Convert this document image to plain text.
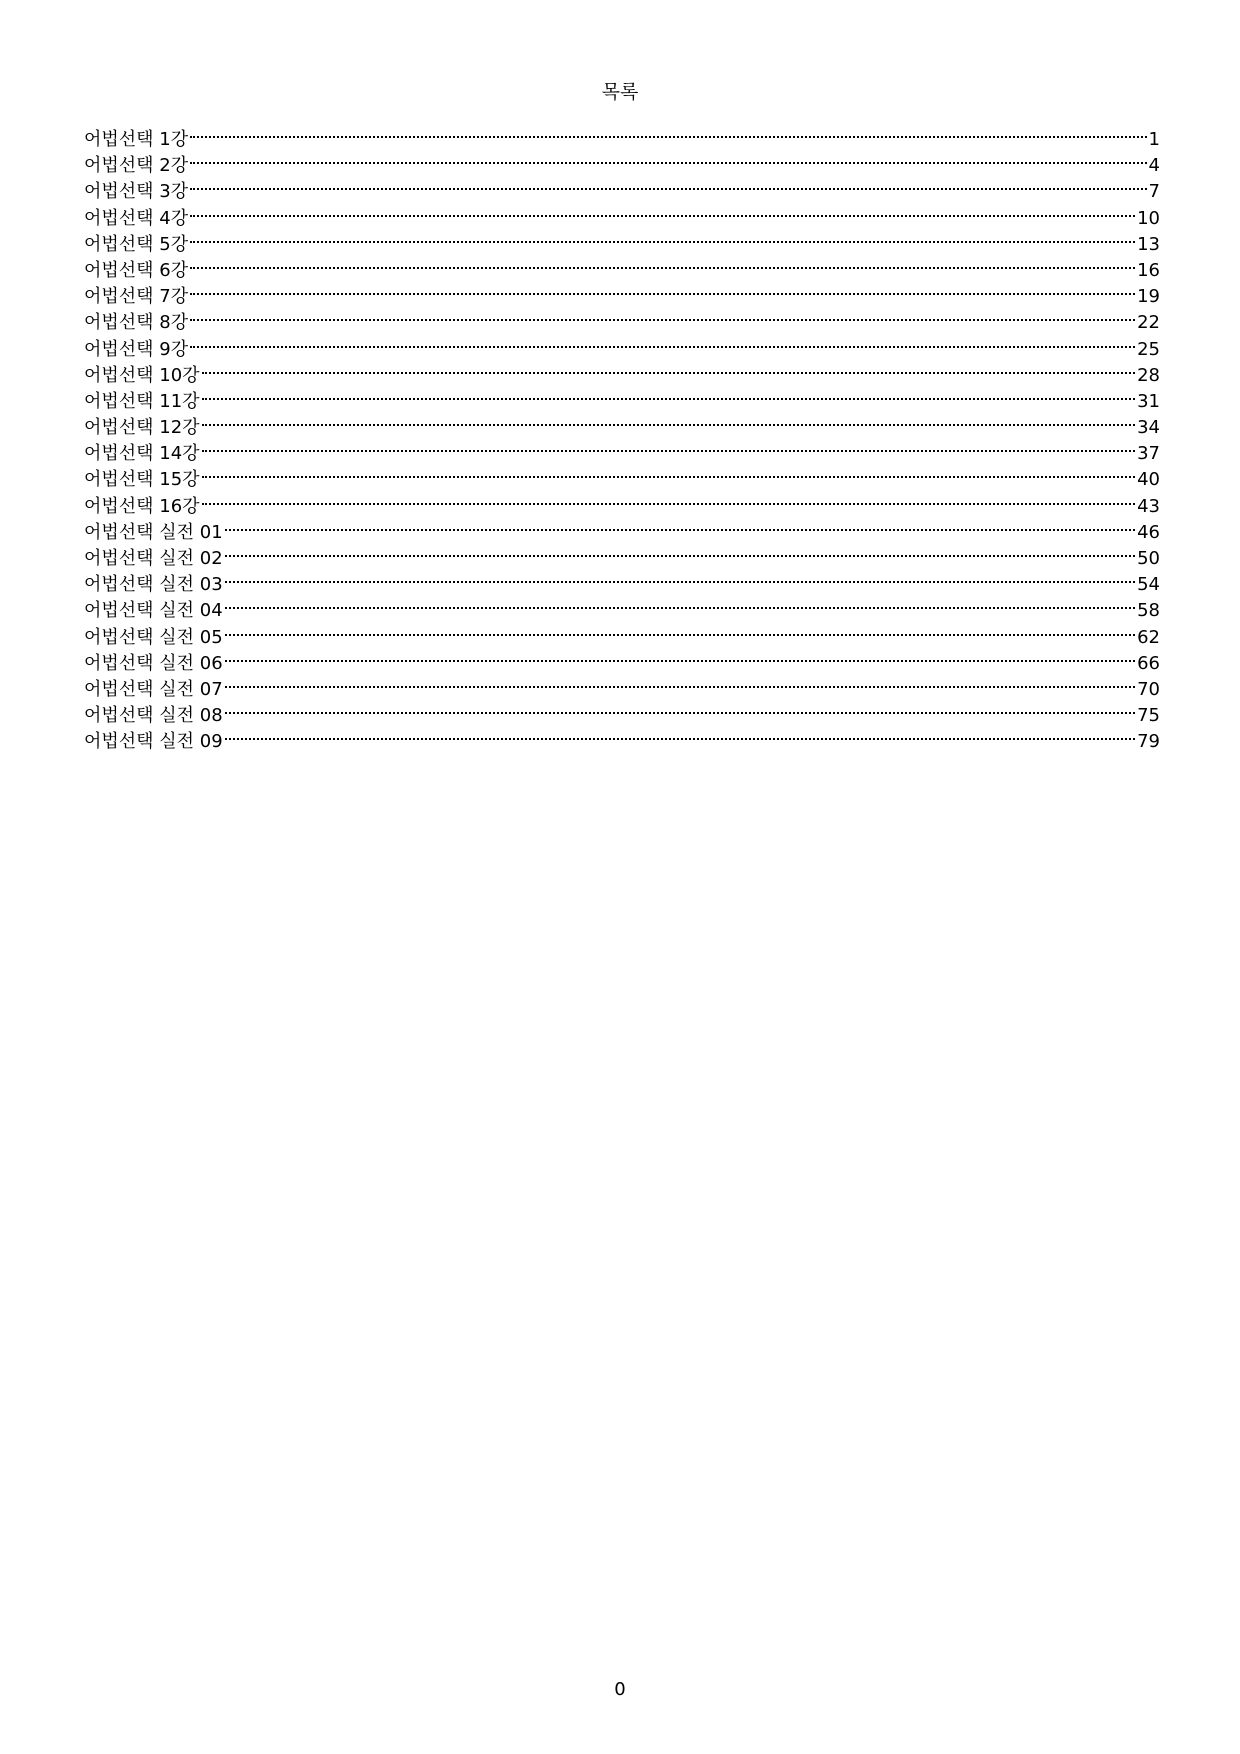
목록
어법선택 1강	1
어법선택 2강	4
어법선택 3강	7
어법선택 4강	10
어법선택 5강	13
어법선택 6강	16
어법선택 7강	19
어법선택 8강	22
어법선택 9강	25
어법선택 10강	28
어법선택 11강	31
어법선택 12강	34
어법선택 14강	37
어법선택 15강	40
어법선택 16강	43
어법선택 실전 01	46
어법선택 실전 02	50
어법선택 실전 03	54
어법선택 실전 04	58
어법선택 실전 05	62
어법선택 실전 06	66
어법선택 실전 07	70
어법선택 실전 08	75
어법선택 실전 09	79
0
